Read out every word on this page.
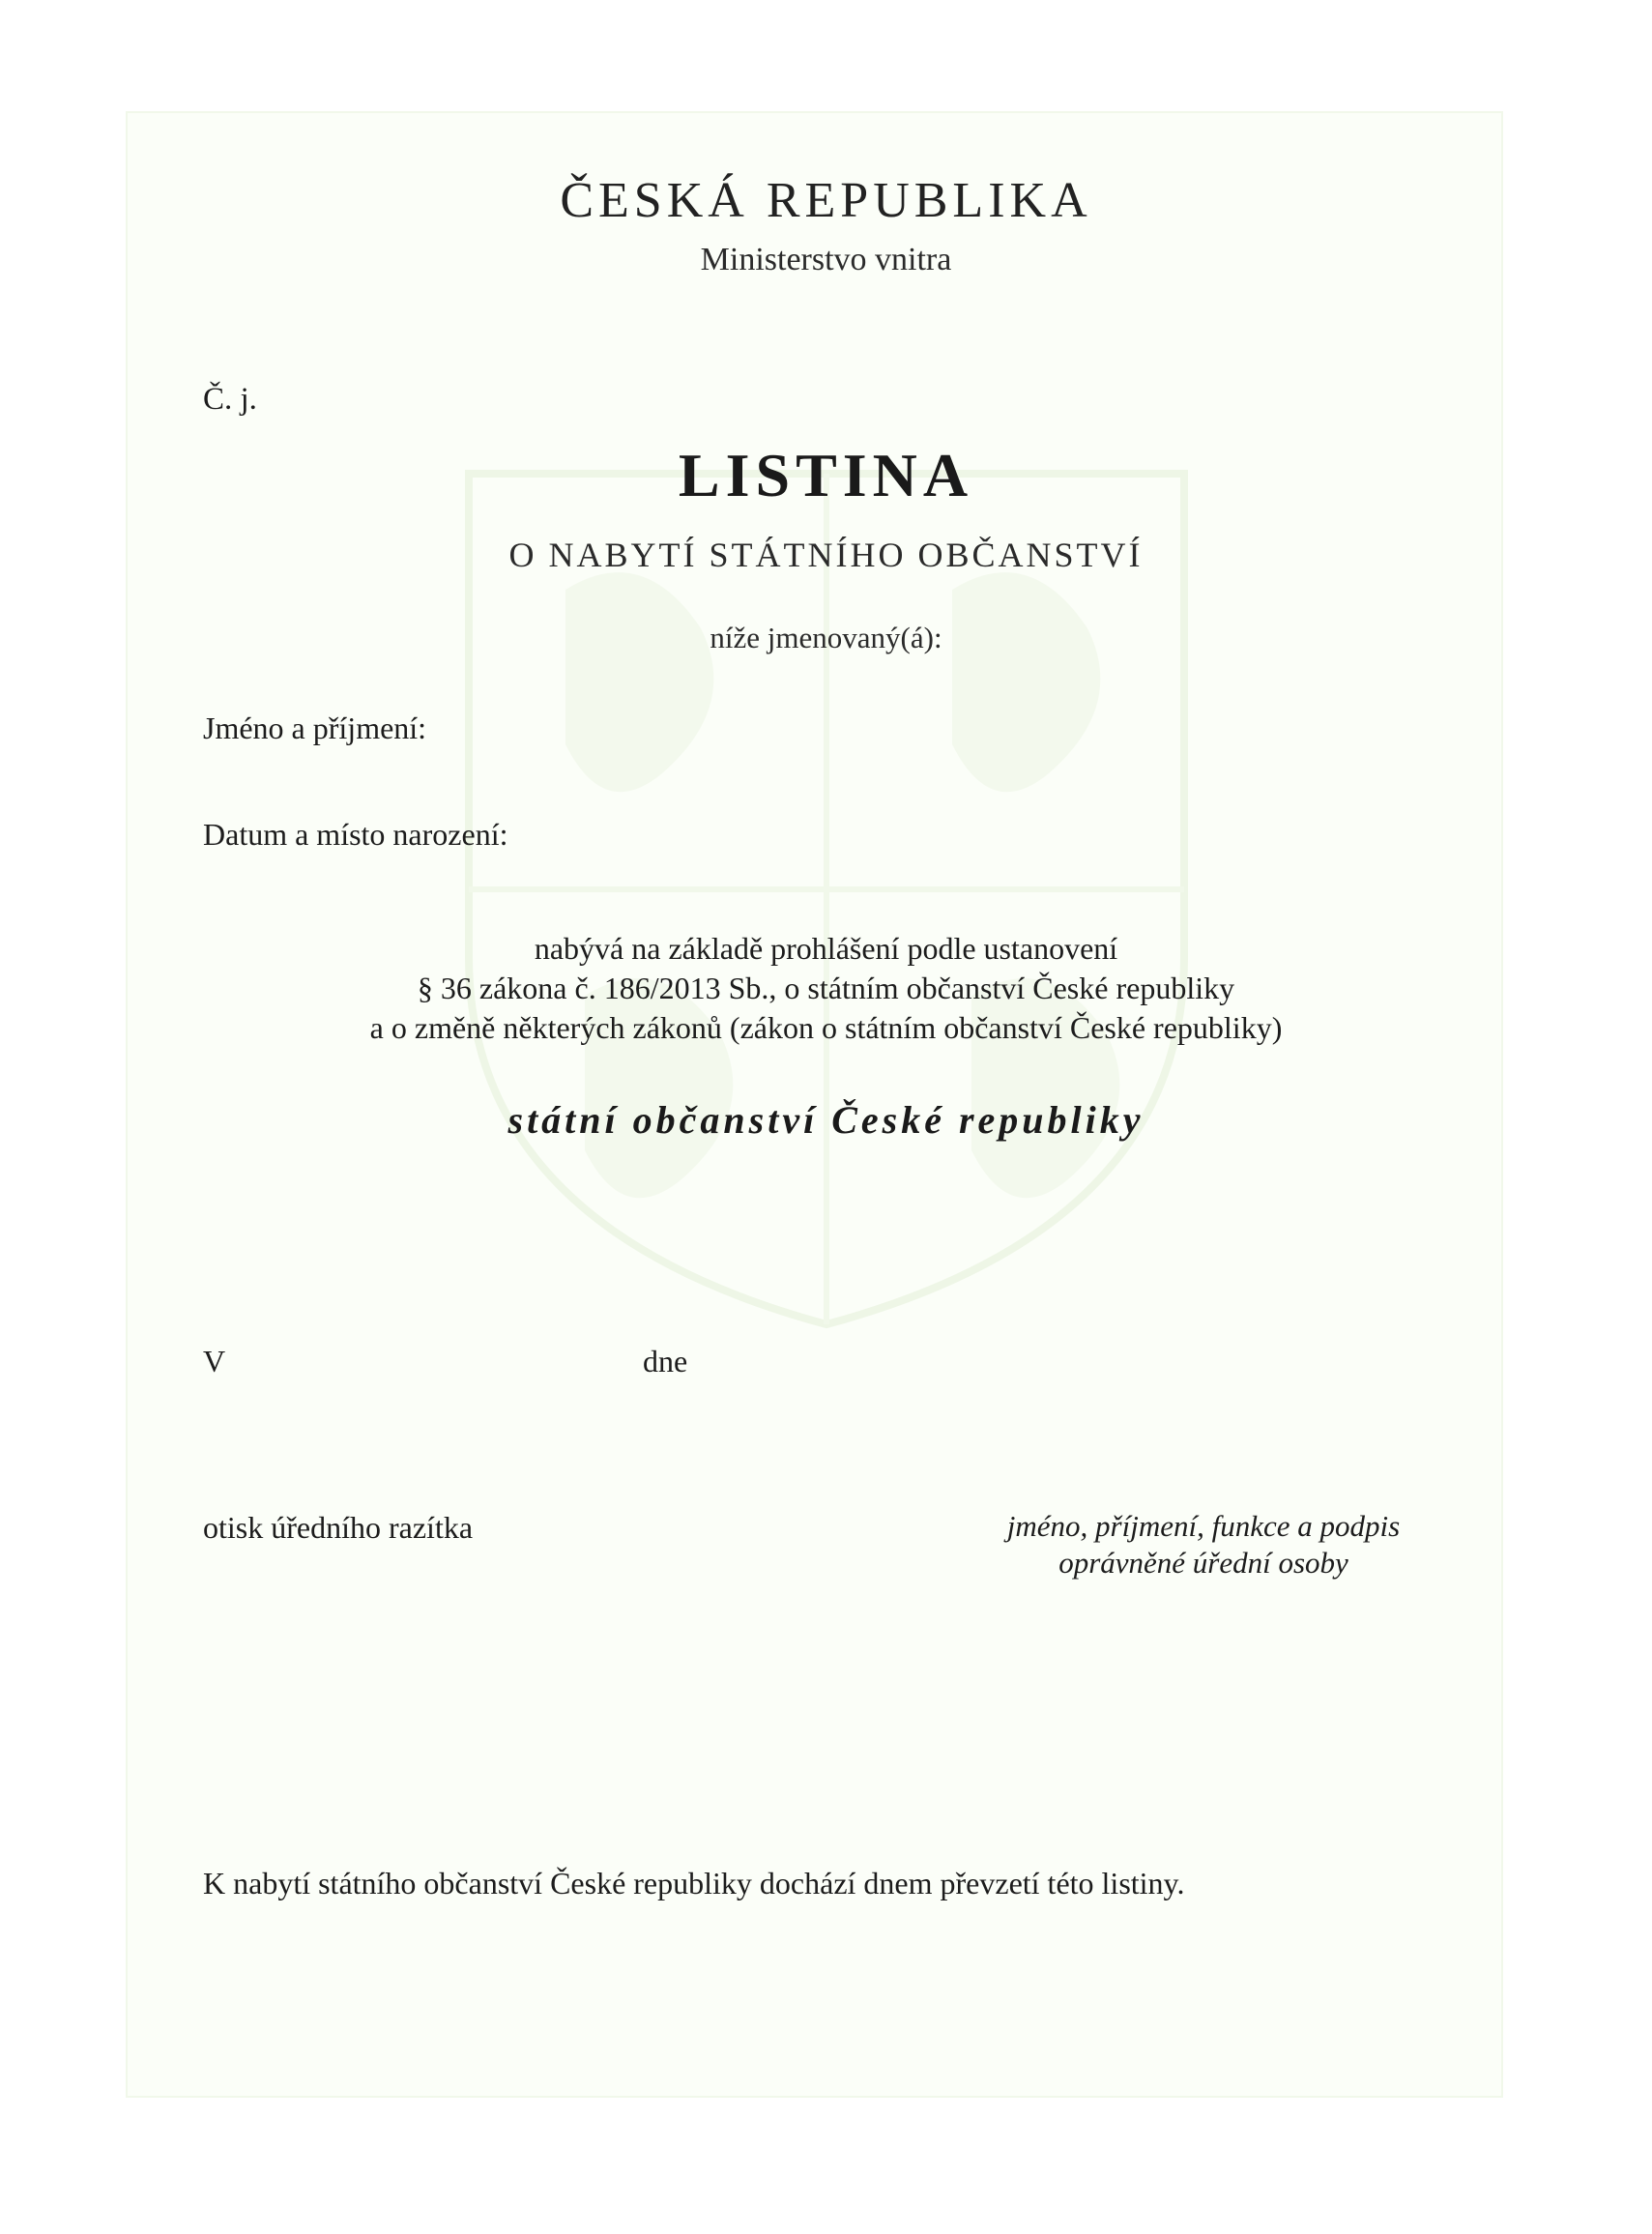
ČESKÁ REPUBLIKA
Ministerstvo vnitra
Č. j.
LISTINA
O NABYTÍ STÁTNÍHO OBČANSTVÍ
níže jmenovaný(á):
Jméno a příjmení:
Datum a místo narození:
nabývá na základě prohlášení podle ustanovení
§ 36 zákona č. 186/2013 Sb., o státním občanství České republiky
a o změně některých zákonů (zákon o státním občanství České republiky)
státní občanství České republiky
V	dne
otisk úředního razítka	jméno, příjmení, funkce a podpis
oprávněné úřední osoby
K nabytí státního občanství České republiky dochází dnem převzetí této listiny.
